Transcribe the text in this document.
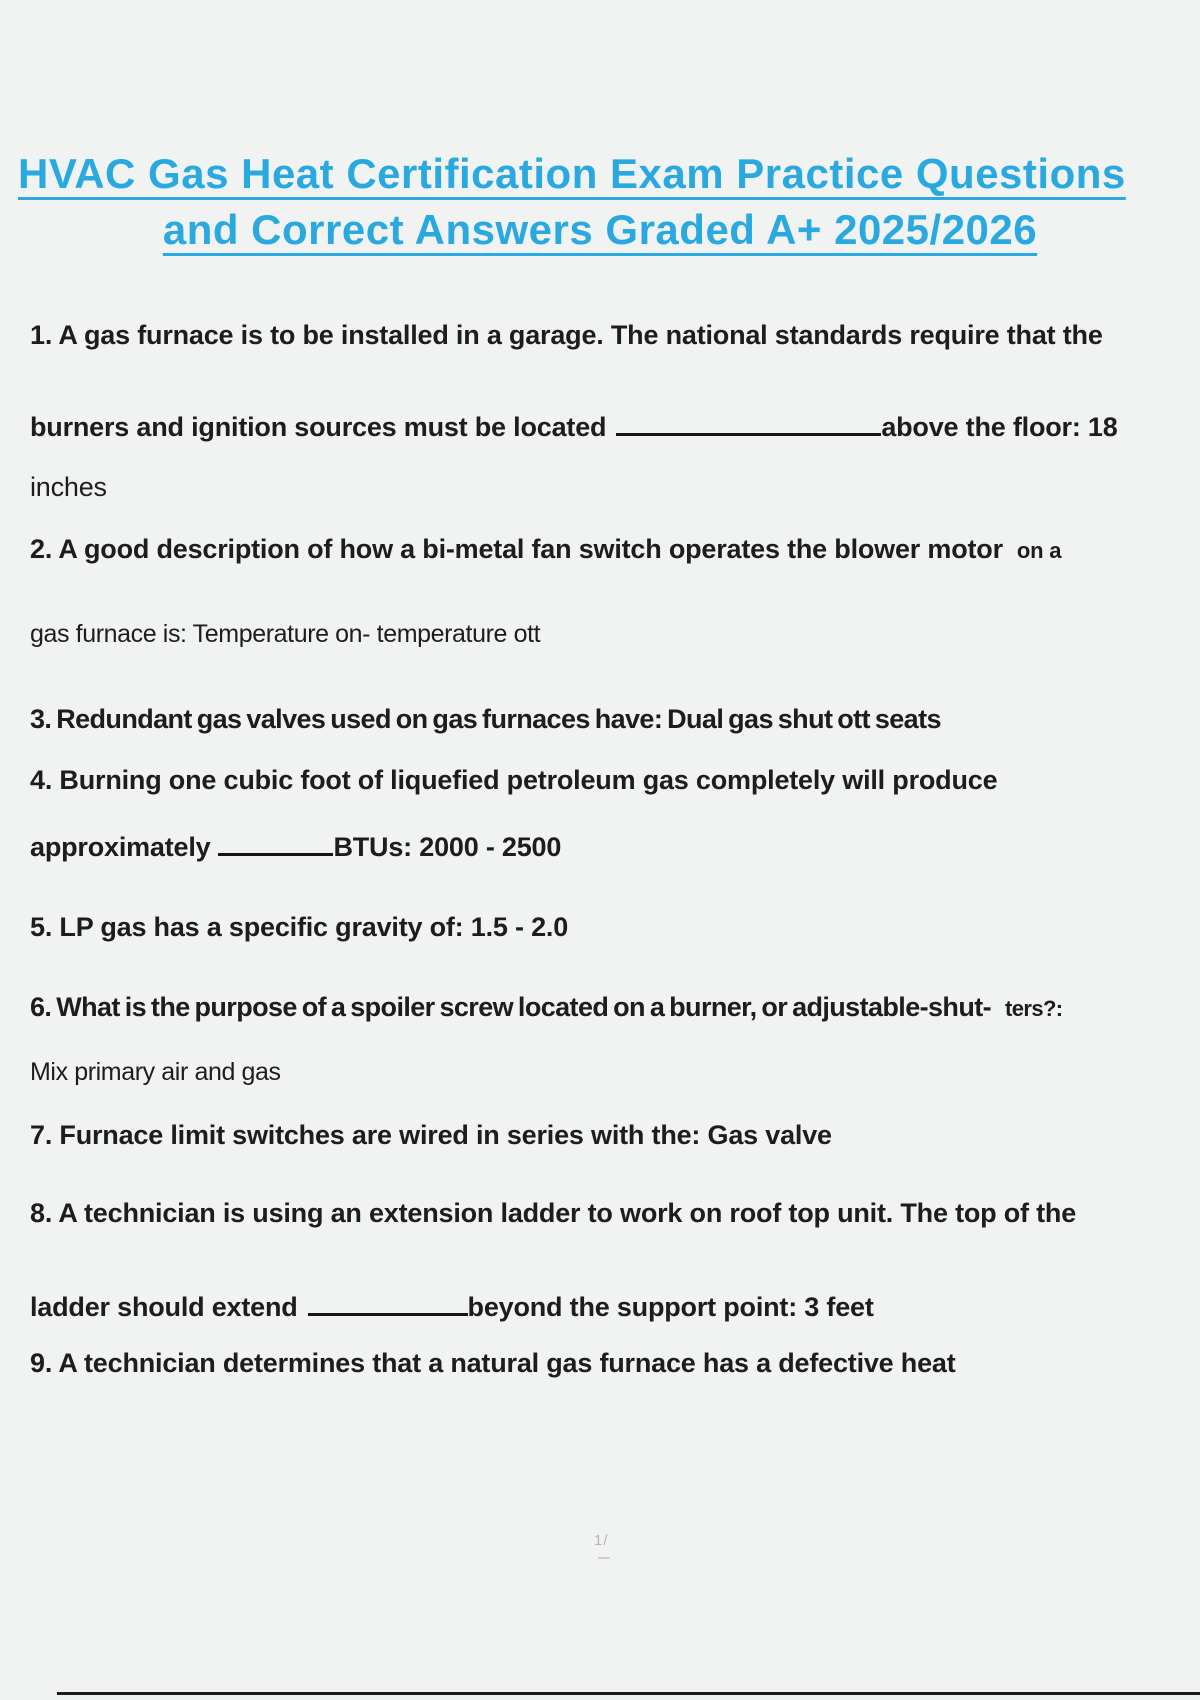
HVAC Gas Heat Certification Exam Practice Questions
and Correct Answers Graded A+ 2025/2026
1. A gas furnace is to be installed in a garage. The national standards require that the
burners and ignition sources must be located	above the floor: 18
inches
2. A good description of how a bi-metal fan switch operates the blower motor on a
gas furnace is: Temperature on- temperature ott
3. Redundant gas valves used on gas furnaces have: Dual gas shut ott seats
4. Burning one cubic foot of liquefied petroleum gas completely will produce
approximately	BTUs: 2000 - 2500
5. LP gas has a specific gravity of: 1.5 - 2.0
6. What is the purpose of a spoiler screw located on a burner, or adjustable-shut- ters?:
Mix primary air and gas
7. Furnace limit switches are wired in series with the: Gas valve
8. A technician is using an extension ladder to work on roof top unit. The top of the
ladder should extend	beyond the support point: 3 feet
9. A technician determines that a natural gas furnace has a defective heat
1/
